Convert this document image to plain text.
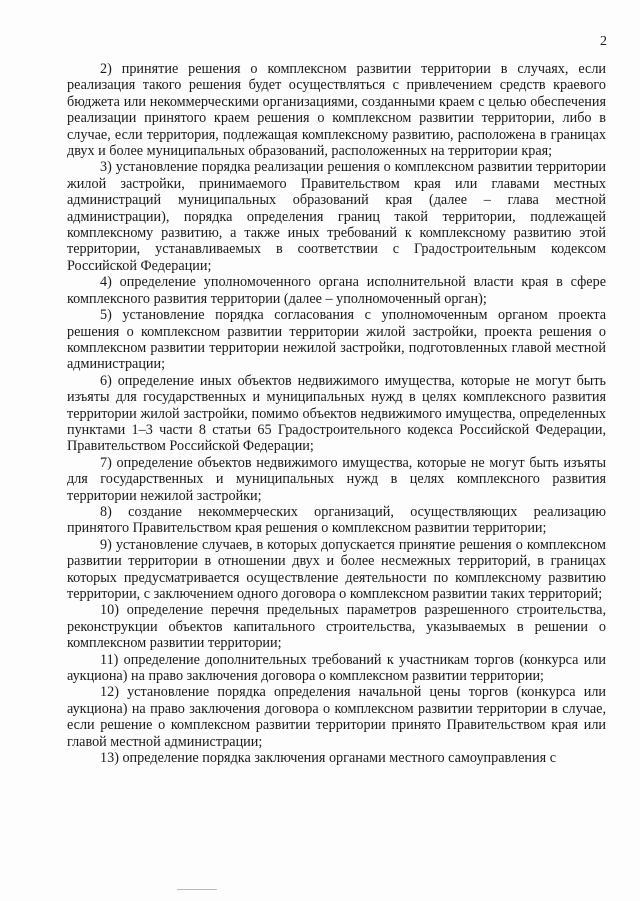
2

2) принятие решения о комплексном развитии территории в случаях, если реализация такого решения будет осуществляться с привлечением средств краевого бюджета или некоммерческими организациями, созданными краем с целью обеспечения реализации принятого краем решения о комплексном развитии территории, либо в случае, если территория, подлежащая комплексному развитию, расположена в границах двух и более муниципальных образований, расположенных на территории края;

3) установление порядка реализации решения о комплексном развитии территории жилой застройки, принимаемого Правительством края или главами местных администраций муниципальных образований края (далее – глава местной администрации), порядка определения границ такой территории, подлежащей комплексному развитию, а также иных требований к комплексному развитию этой территории, устанавливаемых в соответствии с Градостроительным кодексом Российской Федерации;

4) определение уполномоченного органа исполнительной власти края в сфере комплексного развития территории (далее – уполномоченный орган);

5) установление порядка согласования с уполномоченным органом проекта решения о комплексном развитии территории жилой застройки, проекта решения о комплексном развитии территории нежилой застройки, подготовленных главой местной администрации;

6) определение иных объектов недвижимого имущества, которые не могут быть изъяты для государственных и муниципальных нужд в целях комплексного развития территории жилой застройки, помимо объектов недвижимого имущества, определенных пунктами 1–3 части 8 статьи 65 Градостроительного кодекса Российской Федерации, Правительством Российской Федерации;

7) определение объектов недвижимого имущества, которые не могут быть изъяты для государственных и муниципальных нужд в целях комплексного развития территории нежилой застройки;

8) создание некоммерческих организаций, осуществляющих реализацию принятого Правительством края решения о комплексном развитии территории;

9) установление случаев, в которых допускается принятие решения о комплексном развитии территории в отношении двух и более несмежных территорий, в границах которых предусматривается осуществление деятельности по комплексному развитию территории, с заключением одного договора о комплексном развитии таких территорий;

10) определение перечня предельных параметров разрешенного строительства, реконструкции объектов капитального строительства, указываемых в решении о комплексном развитии территории;

11) определение дополнительных требований к участникам торгов (конкурса или аукциона) на право заключения договора о комплексном развитии территории;

12) установление порядка определения начальной цены торгов (конкурса или аукциона) на право заключения договора о комплексном развитии территории в случае, если решение о комплексном развитии территории принято Правительством края или главой местной администрации;

13) определение порядка заключения органами местного самоуправления с
